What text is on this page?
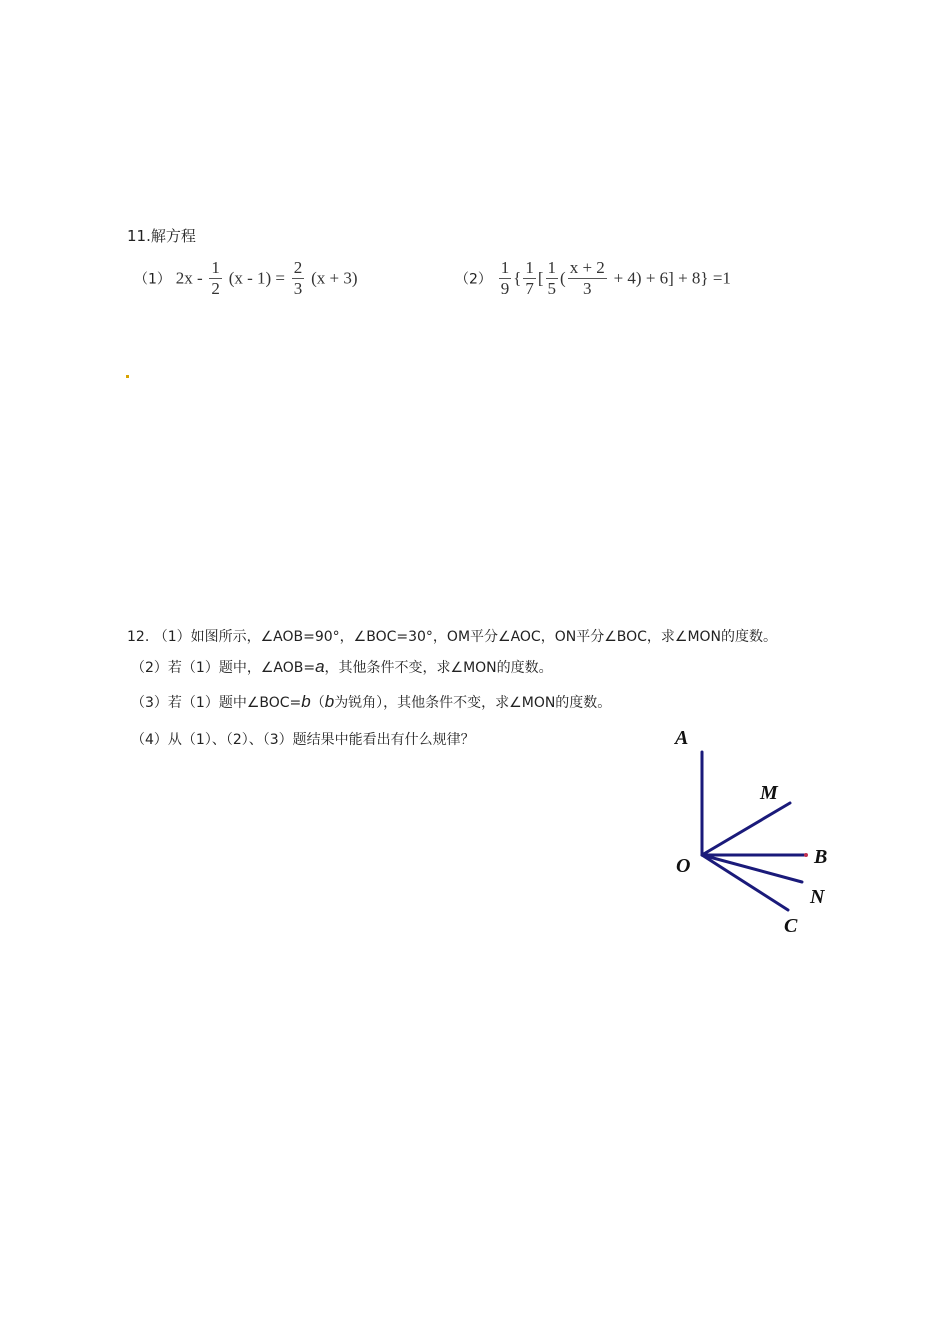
11.解方程
（1） $2x - \frac{1}{2} (x - 1) = \frac{2}{3} (x + 3)$	$(2) \frac{1}{9}$ { $\frac{1}{7}$ [ $\frac{1}{5}$ ( $\frac{x + 2}{3} + 4) + 6] + 8\} =1$
12. （1）如图所示，∠AOB=90°，∠BOC=30°，OM平分∠AOC，ON平分∠BOC，求∠MON的度数。
（2）若（1）题中，∠AOB=a，其他条件不变，求∠MON的度数。
（3）若（1）题中∠BOC=b（b为锐角），其他条件不变，求∠MON的度数。
（4）从（1）、（2）、（3）题结果中能看出有什么规律？	A
M
B
O
N
C
